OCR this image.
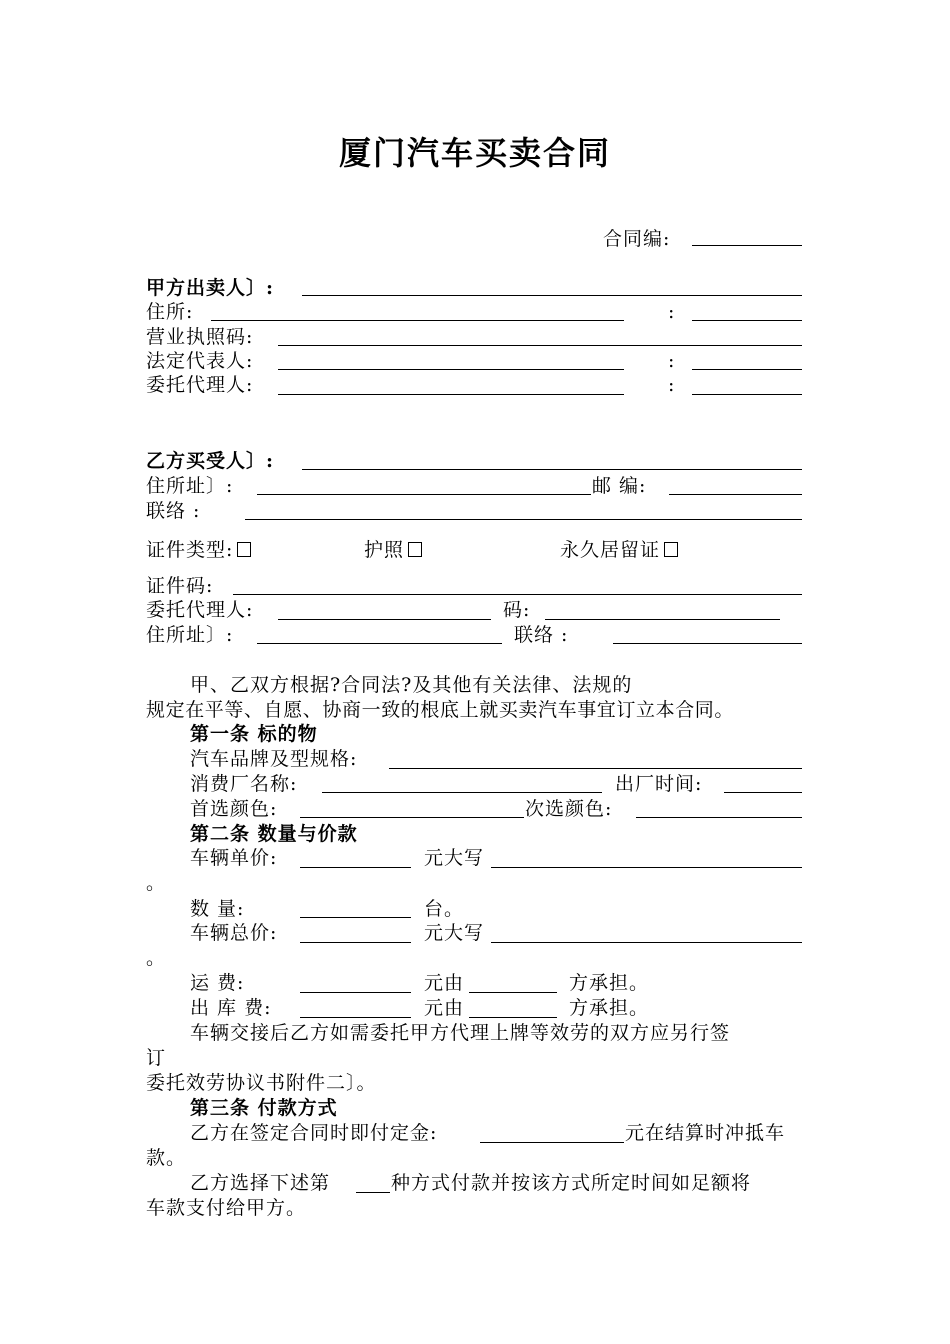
厦门汽车买卖合同
合同编:
甲方出卖人〕:
住所:	:
营业执照码:
法定代表人:	:
委托代理人:	:
乙方买受人〕:
住所址〕:	邮 编:
联络 :
证件类型:	护照	永久居留证
证件码:
委托代理人:	码:
住所址〕:	联络 :
甲、乙双方根据?合同法?及其他有关法律、法规的
规定在平等、自愿、协商一致的根底上就买卖汽车事宜订立本合同。
第一条 标的物
汽车品牌及型规格:
消费厂名称:	出厂时间:
首选颜色:	次选颜色:
第二条 数量与价款
车辆单价:	元大写
。
数 量:	台。
车辆总价:	元大写
。
运 费:	元由	方承担。
出 库 费:	元由	方承担。
车辆交接后乙方如需委托甲方代理上牌等效劳的双方应另行签
订
委托效劳协议书附件二〕。
第三条 付款方式
乙方在签定合同时即付定金:	元在结算时冲抵车
款。
乙方选择下述第	种方式付款并按该方式所定时间如足额将
车款支付给甲方。
